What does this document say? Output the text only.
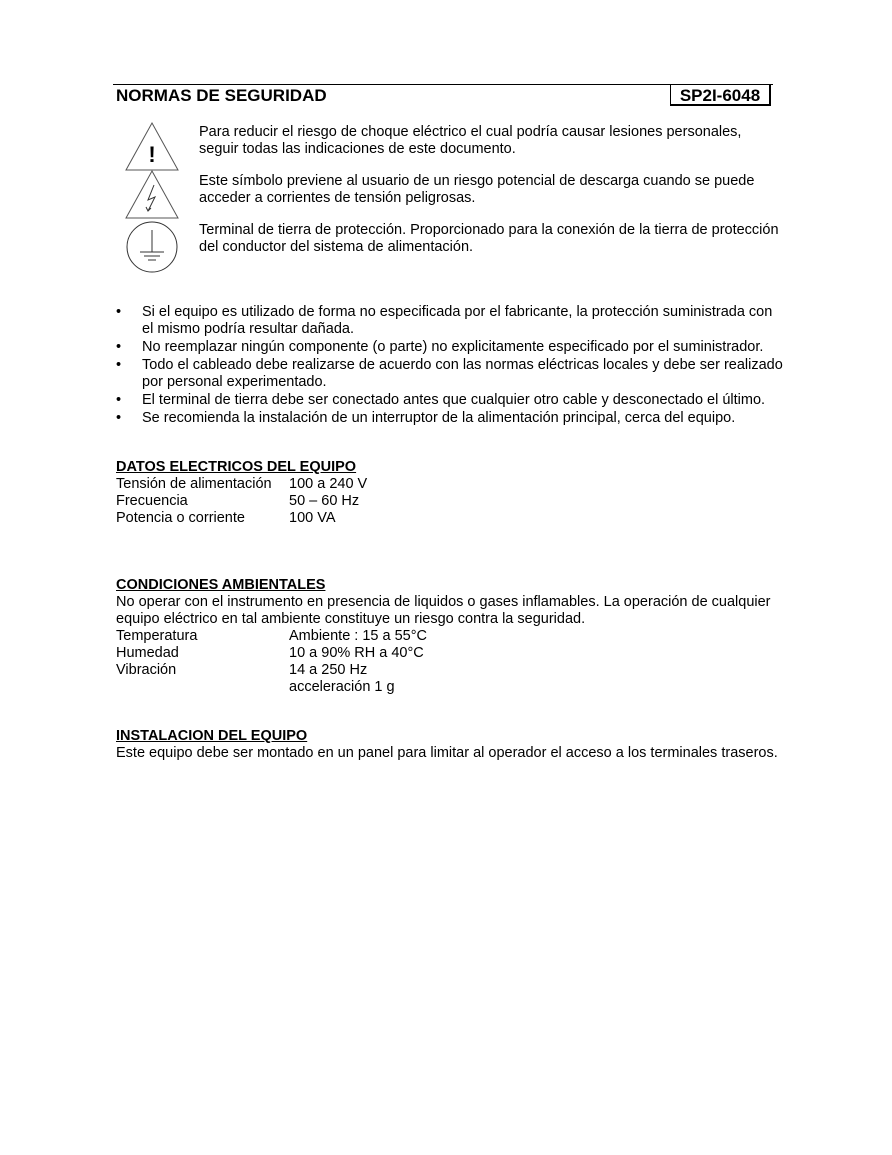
NORMAS DE SEGURIDAD	SP2I-6048
!
Para reducir el riesgo de choque eléctrico el cual podría causar lesiones personales, seguir todas las indicaciones de este documento.
Este símbolo previene al usuario de un riesgo potencial de descarga cuando se puede acceder a corrientes de tensión peligrosas.
Terminal de tierra de protección. Proporcionado para la conexión de la tierra de protección del conductor del sistema de alimentación.
• Si el equipo es utilizado de forma no especificada por el fabricante, la protección suministrada con el mismo podría resultar dañada.
• No reemplazar ningún componente (o parte) no explicitamente especificado por el suministrador.
• Todo el cableado debe realizarse de acuerdo con las normas eléctricas locales y debe ser realizado por personal experimentado.
• El terminal de tierra debe ser conectado antes que cualquier otro cable y desconectado el último.
• Se recomienda la instalación de un interruptor de la alimentación principal, cerca del equipo.
DATOS ELECTRICOS DEL EQUIPO
Tensión de alimentación 100 a 240 V
Frecuencia	50 – 60 Hz
Potencia o corriente	100 VA
CONDICIONES AMBIENTALES
No operar con el instrumento en presencia de liquidos o gases inflamables. La operación de cualquier equipo eléctrico en tal ambiente constituye un riesgo contra la seguridad.
Temperatura	Ambiente : 15 a 55°C
Humedad	10 a 90% RH a 40°C
Vibración	14 a 250 Hz
acceleración 1 g
INSTALACION DEL EQUIPO
Este equipo debe ser montado en un panel para limitar al operador el acceso a los terminales traseros.
